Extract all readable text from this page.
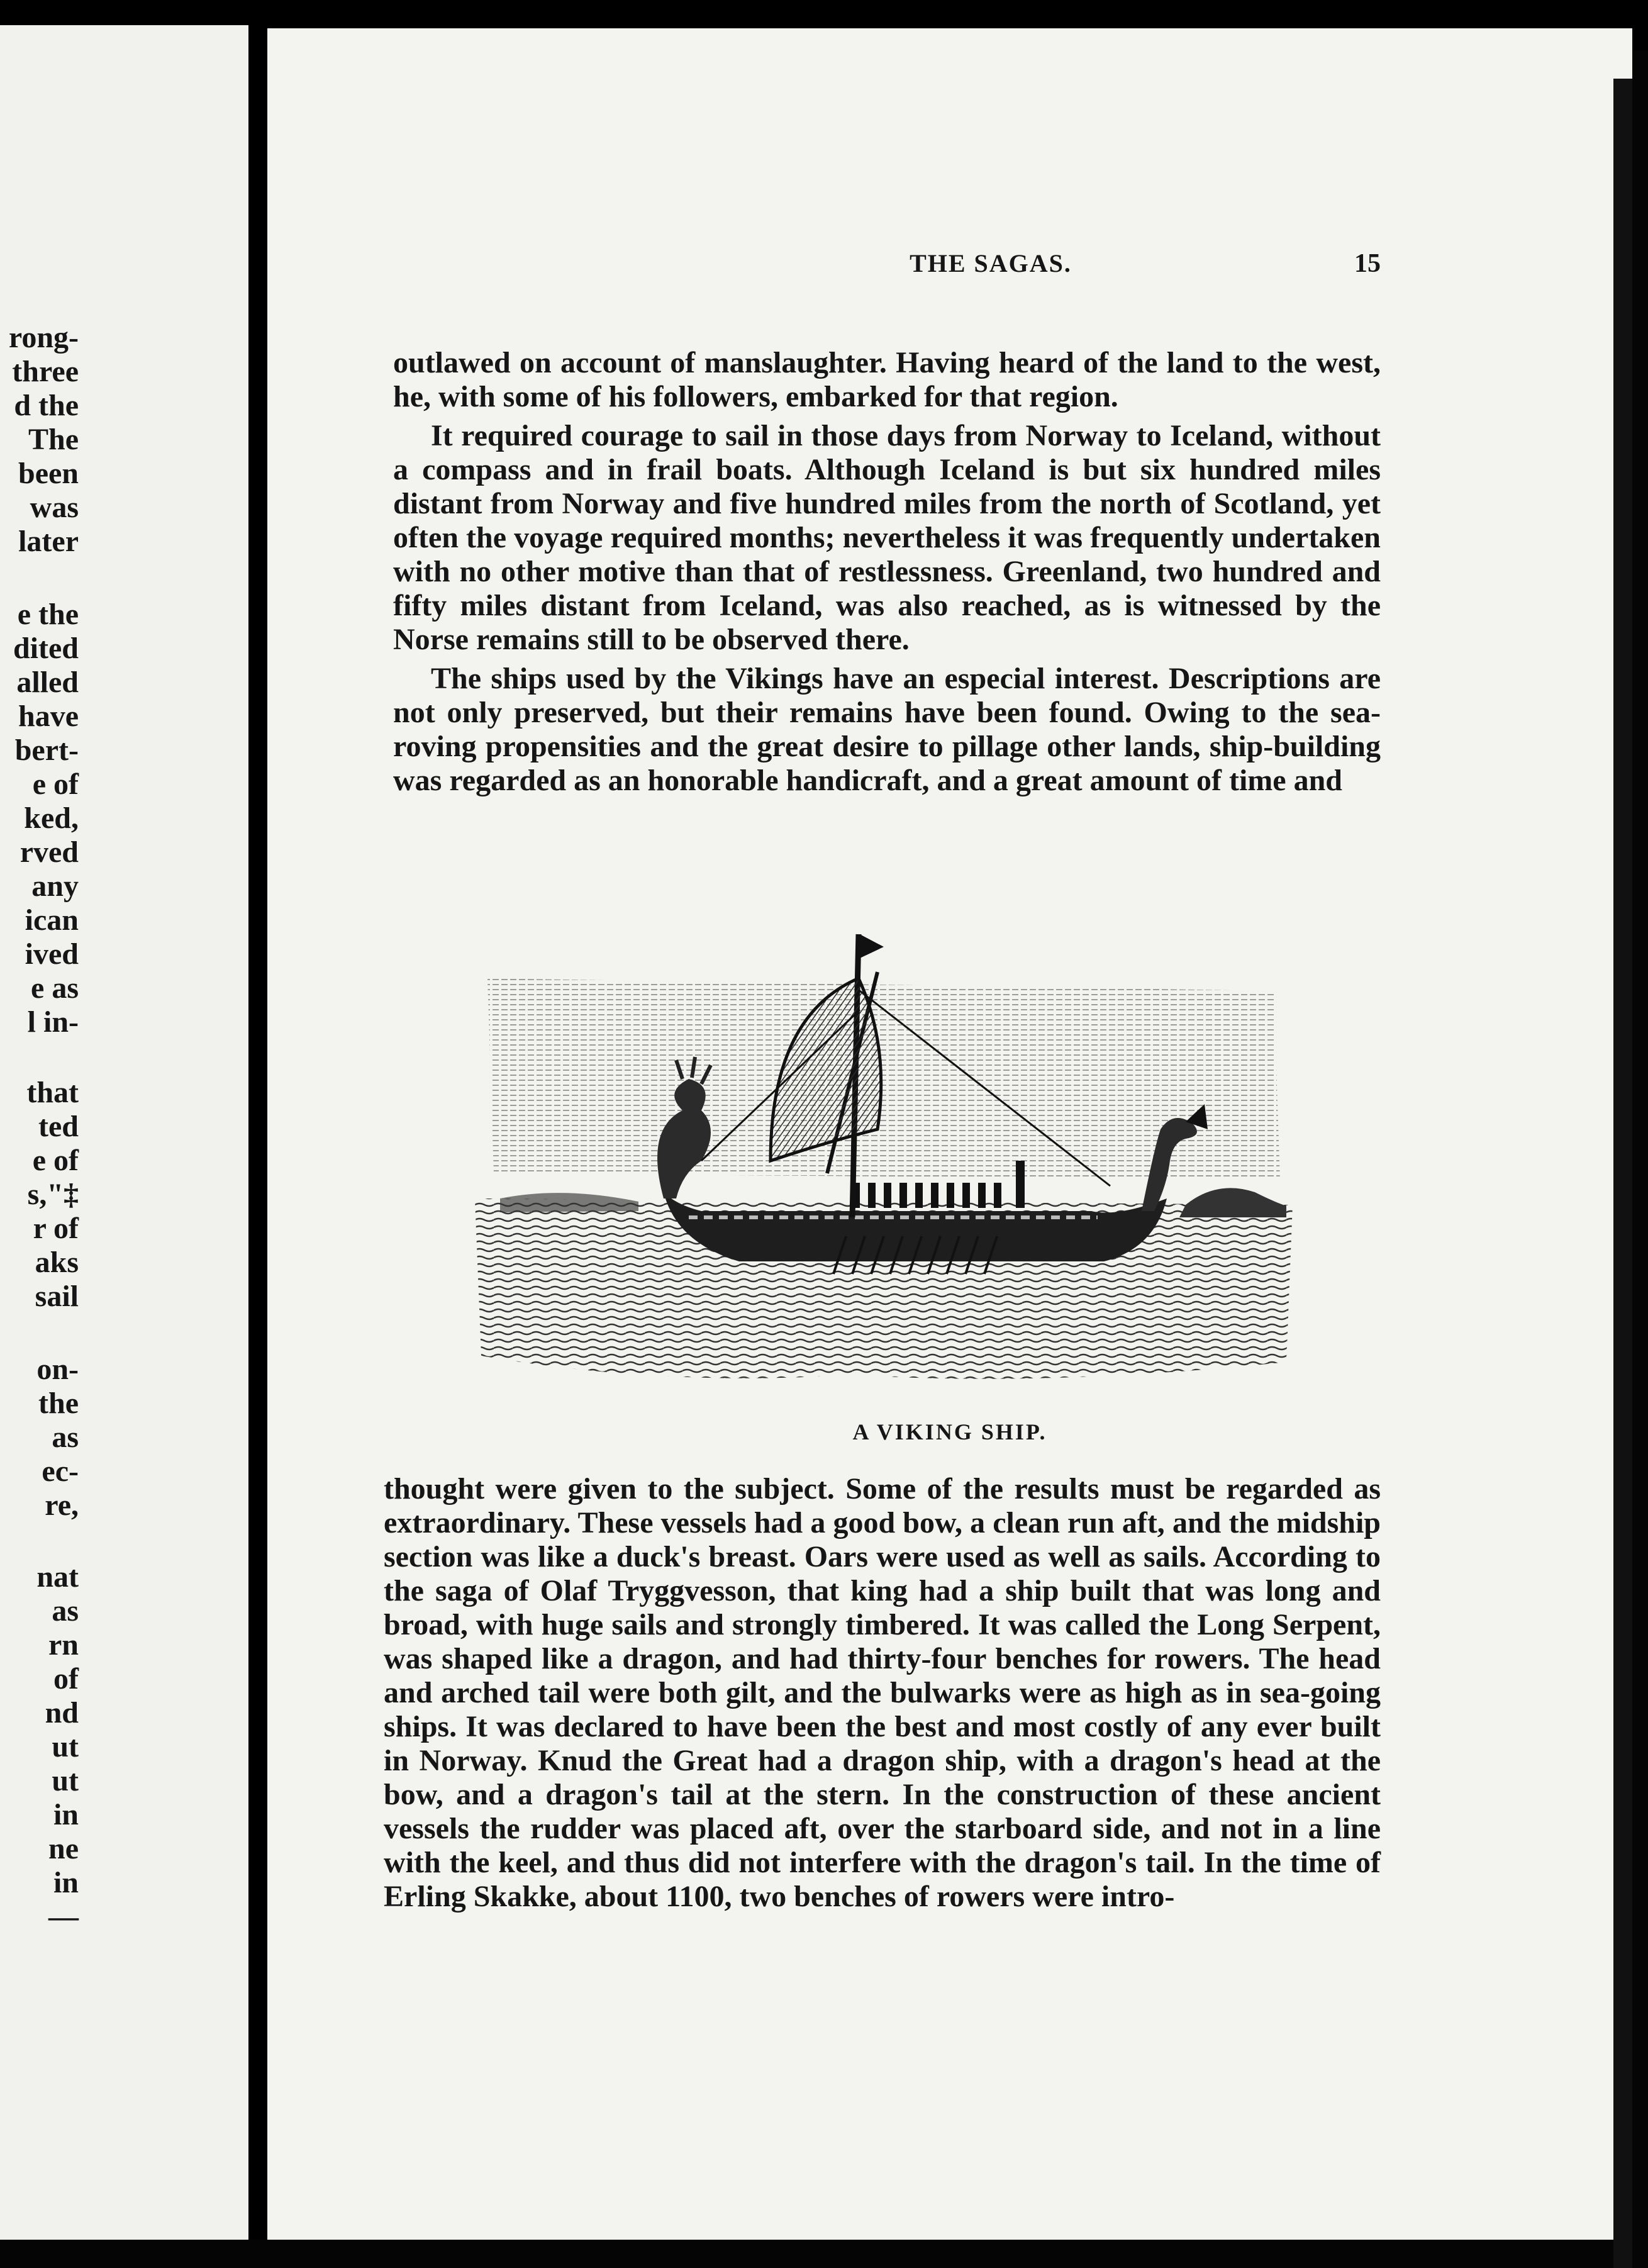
rong-
three
d the
The
been
was
later
e the
dited
alled
have
bert-
e of
ked,
rved
any
ican
ived
e as
l in-
that
ted
e of
s,"‡
r of
aks
sail
on-
the
as
ec-
re,
nat
as
rn
of
nd
ut
ut
in
ne
in
—
THE SAGAS.	15

outlawed on account of manslaughter. Having heard of the land to the west, he, with some of his followers, embarked for that region.

It required courage to sail in those days from Norway to Iceland, without a compass and in frail boats. Although Iceland is but six hundred miles distant from Norway and five hundred miles from the north of Scotland, yet often the voyage required months; nevertheless it was frequently undertaken with no other motive than that of restlessness. Greenland, two hundred and fifty miles distant from Iceland, was also reached, as is witnessed by the Norse remains still to be observed there.

The ships used by the Vikings have an especial interest. Descriptions are not only preserved, but their remains have been found. Owing to the sea-roving propensities and the great desire to pillage other lands, ship-building was regarded as an honorable handicraft, and a great amount of time and

A VIKING SHIP.

thought were given to the subject. Some of the results must be regarded as extraordinary. These vessels had a good bow, a clean run aft, and the midship section was like a duck's breast. Oars were used as well as sails. According to the saga of Olaf Tryggvesson, that king had a ship built that was long and broad, with huge sails and strongly timbered. It was called the Long Serpent, was shaped like a dragon, and had thirty-four benches for rowers. The head and arched tail were both gilt, and the bulwarks were as high as in sea-going ships. It was declared to have been the best and most costly of any ever built in Norway. Knud the Great had a dragon ship, with a dragon's head at the bow, and a dragon's tail at the stern. In the construction of these ancient vessels the rudder was placed aft, over the starboard side, and not in a line with the keel, and thus did not interfere with the dragon's tail. In the time of Erling Skakke, about 1100, two benches of rowers were intro-
